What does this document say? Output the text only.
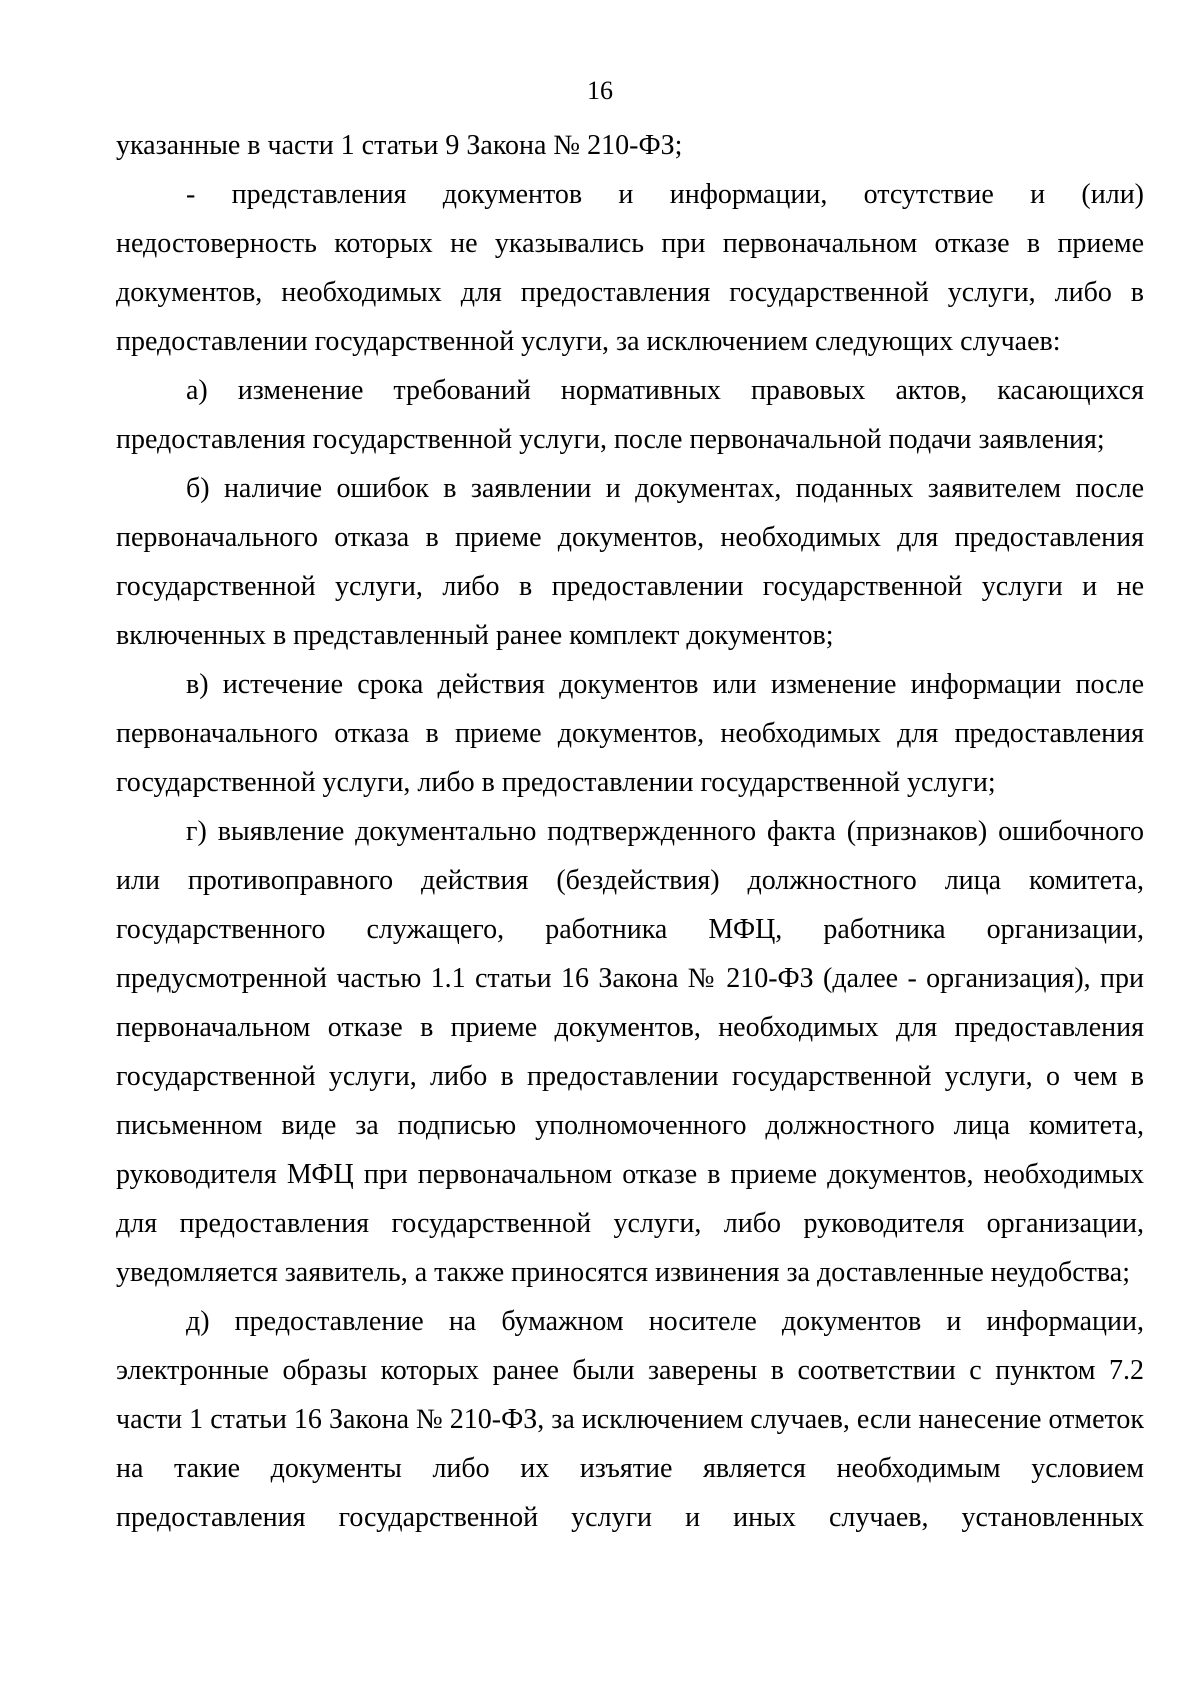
16

указанные в части 1 статьи 9 Закона № 210-ФЗ;

- представления документов и информации, отсутствие и (или) недостоверность которых не указывались при первоначальном отказе в приеме документов, необходимых для предоставления государственной услуги, либо в предоставлении государственной услуги, за исключением следующих случаев:

а) изменение требований нормативных правовых актов, касающихся предоставления государственной услуги, после первоначальной подачи заявления;

б) наличие ошибок в заявлении и документах, поданных заявителем после первоначального отказа в приеме документов, необходимых для предоставления государственной услуги, либо в предоставлении государственной услуги и не включенных в представленный ранее комплект документов;

в) истечение срока действия документов или изменение информации после первоначального отказа в приеме документов, необходимых для предоставления государственной услуги, либо в предоставлении государственной услуги;

г) выявление документально подтвержденного факта (признаков) ошибочного или противоправного действия (бездействия) должностного лица комитета, государственного служащего, работника МФЦ, работника организации, предусмотренной частью 1.1 статьи 16 Закона № 210-ФЗ (далее - организация), при первоначальном отказе в приеме документов, необходимых для предоставления государственной услуги, либо в предоставлении государственной услуги, о чем в письменном виде за подписью уполномоченного должностного лица комитета, руководителя МФЦ при первоначальном отказе в приеме документов, необходимых для предоставления государственной услуги, либо руководителя организации, уведомляется заявитель, а также приносятся извинения за доставленные неудобства;

д) предоставление на бумажном носителе документов и информации, электронные образы которых ранее были заверены в соответствии с пунктом 7.2 части 1 статьи 16 Закона № 210-ФЗ, за исключением случаев, если нанесение отметок на такие документы либо их изъятие является необходимым условием предоставления государственной услуги и иных случаев, установленных
